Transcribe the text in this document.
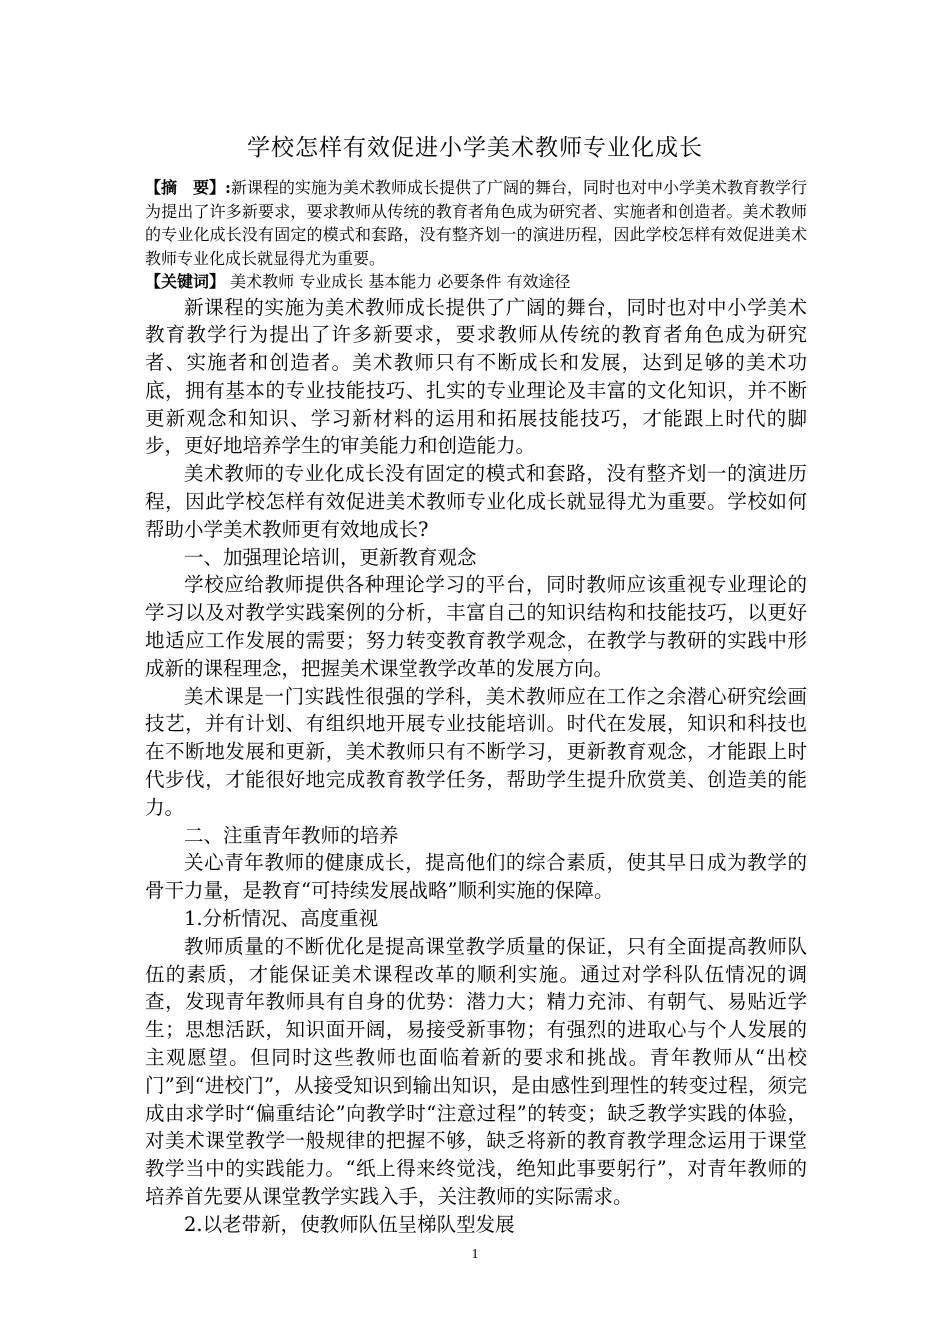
学校怎样有效促进小学美术教师专业化成长

【摘　要】:新课程的实施为美术教师成长提供了广阔的舞台，同时也对中小学美术教育教学行为提出了许多新要求，要求教师从传统的教育者角色成为研究者、实施者和创造者。美术教师的专业化成长没有固定的模式和套路，没有整齐划一的演进历程，因此学校怎样有效促进美术教师专业化成长就显得尤为重要。

【关键词】 美术教师 专业成长 基本能力 必要条件 有效途径

新课程的实施为美术教师成长提供了广阔的舞台，同时也对中小学美术教育教学行为提出了许多新要求，要求教师从传统的教育者角色成为研究者、实施者和创造者。美术教师只有不断成长和发展，达到足够的美术功底，拥有基本的专业技能技巧、扎实的专业理论及丰富的文化知识，并不断更新观念和知识、学习新材料的运用和拓展技能技巧，才能跟上时代的脚步，更好地培养学生的审美能力和创造能力。

美术教师的专业化成长没有固定的模式和套路，没有整齐划一的演进历程，因此学校怎样有效促进美术教师专业化成长就显得尤为重要。学校如何帮助小学美术教师更有效地成长?

一、加强理论培训，更新教育观念

学校应给教师提供各种理论学习的平台，同时教师应该重视专业理论的学习以及对教学实践案例的分析，丰富自己的知识结构和技能技巧，以更好地适应工作发展的需要；努力转变教育教学观念，在教学与教研的实践中形成新的课程理念，把握美术课堂教学改革的发展方向。

美术课是一门实践性很强的学科，美术教师应在工作之余潜心研究绘画技艺，并有计划、有组织地开展专业技能培训。时代在发展，知识和科技也在不断地发展和更新，美术教师只有不断学习，更新教育观念，才能跟上时代步伐，才能很好地完成教育教学任务，帮助学生提升欣赏美、创造美的能力。

二、注重青年教师的培养

关心青年教师的健康成长，提高他们的综合素质，使其早日成为教学的骨干力量，是教育“可持续发展战略”顺利实施的保障。

1.分析情况、高度重视

教师质量的不断优化是提高课堂教学质量的保证，只有全面提高教师队伍的素质，才能保证美术课程改革的顺利实施。通过对学科队伍情况的调查，发现青年教师具有自身的优势：潜力大；精力充沛、有朝气、易贴近学生；思想活跃，知识面开阔，易接受新事物；有强烈的进取心与个人发展的主观愿望。但同时这些教师也面临着新的要求和挑战。青年教师从“出校门”到“进校门”，从接受知识到输出知识，是由感性到理性的转变过程，须完成由求学时“偏重结论”向教学时“注意过程”的转变；缺乏教学实践的体验，对美术课堂教学一般规律的把握不够，缺乏将新的教育教学理念运用于课堂教学当中的实践能力。“纸上得来终觉浅，绝知此事要躬行”，对青年教师的培养首先要从课堂教学实践入手，关注教师的实际需求。

2.以老带新，使教师队伍呈梯队型发展

1
